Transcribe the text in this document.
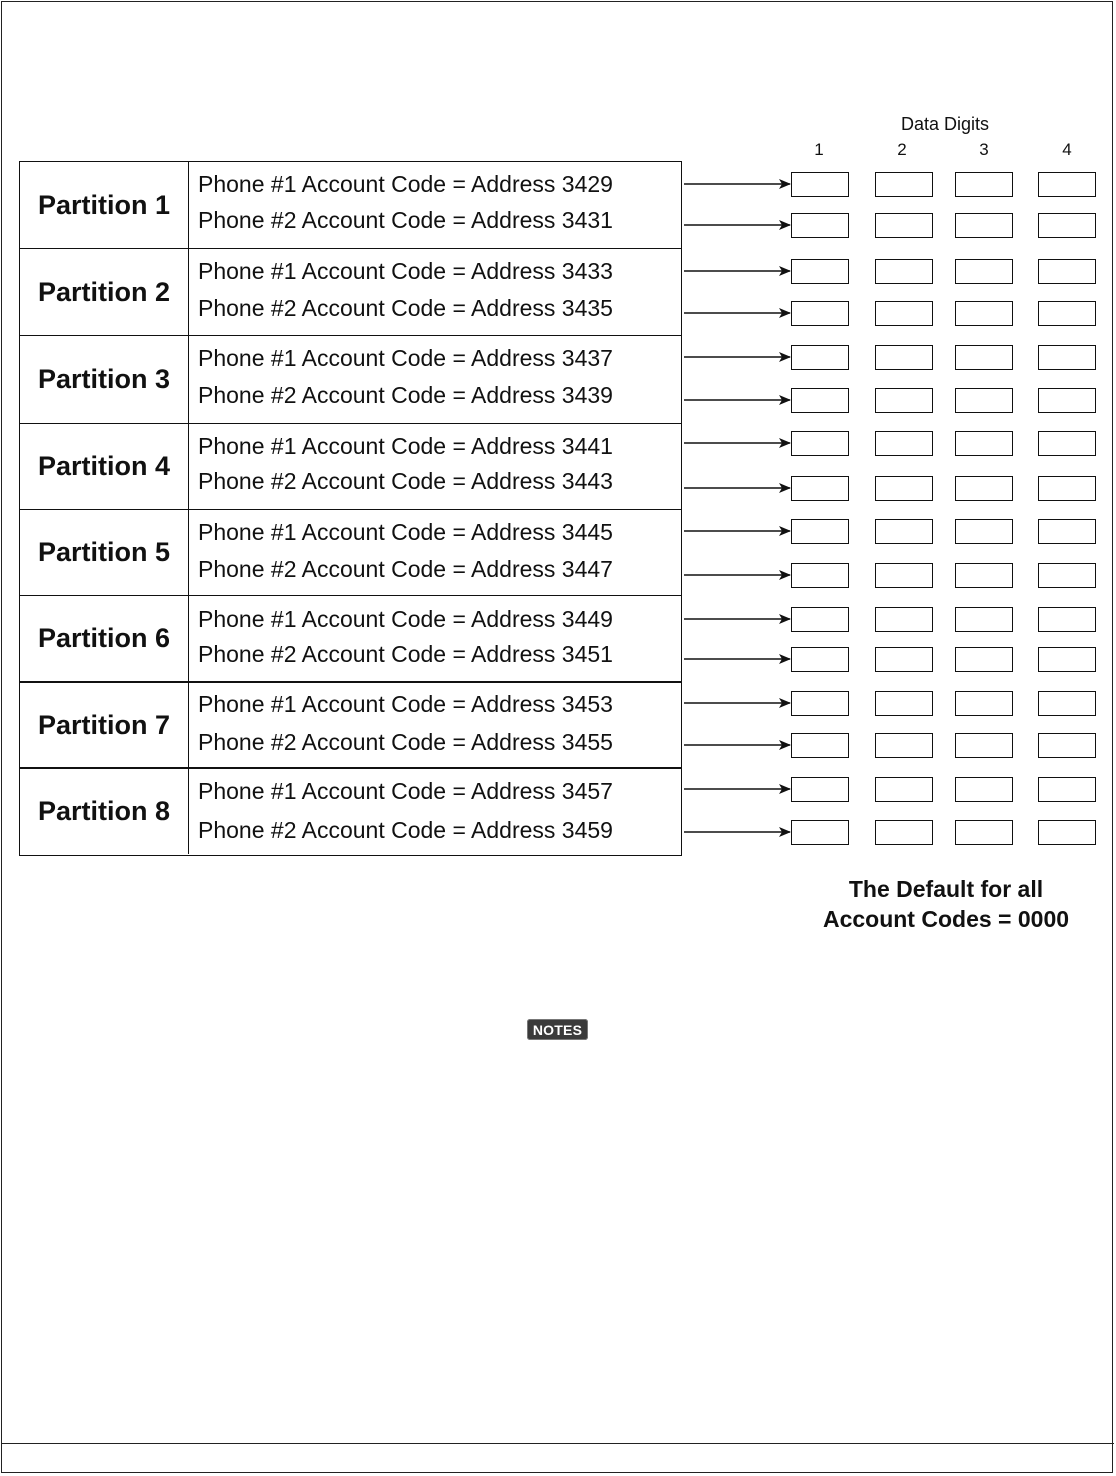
Data Digits
1	2	3	4
Partition 1
Phone #1 Account Code = Address 3429
Phone #2 Account Code = Address 3431
Partition 2
Phone #1 Account Code = Address 3433
Phone #2 Account Code = Address 3435
Partition 3
Phone #1 Account Code = Address 3437
Phone #2 Account Code = Address 3439
Partition 4
Phone #1 Account Code = Address 3441
Phone #2 Account Code = Address 3443
Partition 5
Phone #1 Account Code = Address 3445
Phone #2 Account Code = Address 3447
Partition 6
Phone #1 Account Code = Address 3449
Phone #2 Account Code = Address 3451
Partition 7
Phone #1 Account Code = Address 3453
Phone #2 Account Code = Address 3455
Partition 8
Phone #1 Account Code = Address 3457
Phone #2 Account Code = Address 3459
The Default for all
Account Codes = 0000
NOTES
